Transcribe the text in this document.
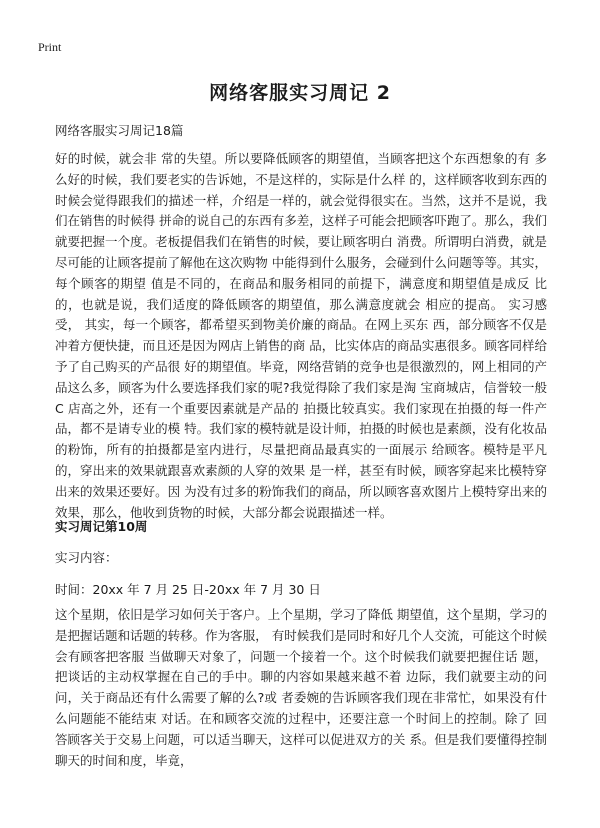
Print
网络客服实习周记 2
网络客服实习周记18篇

好的时候，就会非 常的失望。所以要降低顾客的期望值，当顾客把这个东西想象的有 多么好的时候，我们要老实的告诉她，不是这样的，实际是什么样 的，这样顾客收到东西的时候会觉得跟我们的描述一样，介绍是一样的，就会觉得很实在。当然，这并不是说，我们在销售的时候得 拼命的说自己的东西有多差，这样子可能会把顾客吓跑了。那么，我们就要把握一个度。老板提倡我们在销售的时候，要让顾客明白 消费。所谓明白消费，就是尽可能的让顾客提前了解他在这次购物 中能得到什么服务，会碰到什么问题等等。其实，每个顾客的期望 值是不同的，在商品和服务相同的前提下，满意度和期望值是成反 比的，也就是说，我们适度的降低顾客的期望值，那么满意度就会 相应的提高。 实习感受， 其实，每一个顾客，都希望买到物美价廉的商品。在网上买东 西，部分顾客不仅是冲着方便快捷，而且还是因为网店上销售的商 品，比实体店的商品实惠很多。顾客同样给予了自己购买的产品很 好的期望值。毕竟，网络营销的竞争也是很激烈的，网上相同的产 品这么多，顾客为什么要选择我们家的呢?我觉得除了我们家是淘 宝商城店，信誉较一般 C 店高之外，还有一个重要因素就是产品的 拍摄比较真实。我们家现在拍摄的每一件产品，都不是请专业的模 特。我们家的模特就是设计师，拍摄的时候也是素颜，没有化妆品 的粉饰，所有的拍摄都是室内进行，尽量把商品最真实的一面展示 给顾客。模特是平凡的，穿出来的效果就跟喜欢素颜的人穿的效果 是一样，甚至有时候，顾客穿起来比模特穿出来的效果还要好。因 为没有过多的粉饰我们的商品，所以顾客喜欢图片上模特穿出来的 效果，那么，他收到货物的时候，大部分都会说跟描述一样。

实习周记第10周
实习内容：
时间：20xx 年 7 月 25 日-20xx 年 7 月 30 日

这个星期，依旧是学习如何关于客户。上个星期，学习了降低 期望值，这个星期，学习的是把握话题和话题的转移。作为客服， 有时候我们是同时和好几个人交流，可能这个时候会有顾客把客服 当做聊天对象了，问题一个接着一个。这个时候我们就要把握住话 题，把谈话的主动权掌握在自己的手中。聊的内容如果越来越不着 边际，我们就要主动的问问，关于商品还有什么需要了解的么?或 者委婉的告诉顾客我们现在非常忙，如果没有什么问题能不能结束 对话。在和顾客交流的过程中，还要注意一个时间上的控制。除了 回答顾客关于交易上问题，可以适当聊天，这样可以促进双方的关 系。但是我们要懂得控制聊天的时间和度，毕竟，
